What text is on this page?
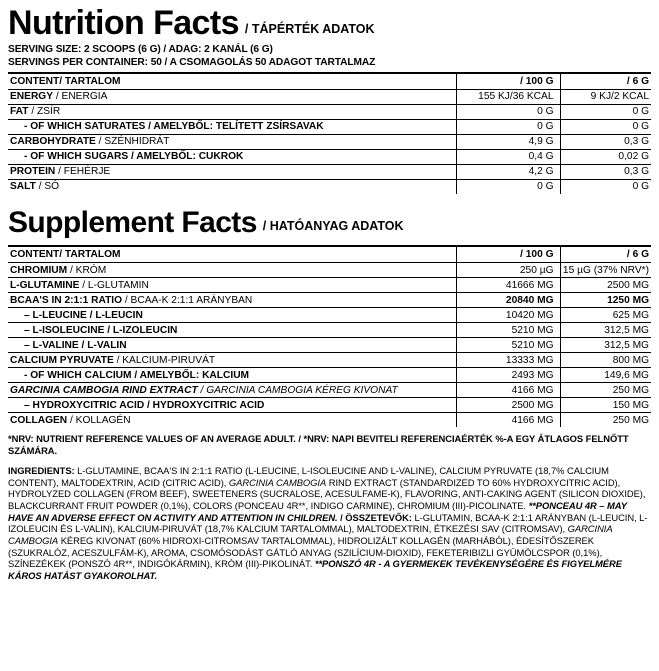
Nutrition Facts / TÁPÉRTÉK ADATOK
SERVING SIZE: 2 SCOOPS (6 G) / ADAG: 2 KANÁL (6 G)
SERVINGS PER CONTAINER: 50 / A CSOMAGOLÁS 50 ADAGOT TARTALMAZ
CONTENT/ TARTALOM	/ 100 G	/ 6 G
ENERGY / ENERGIA	155 KJ/36 KCAL	9 KJ/2 KCAL
FAT / ZSÍR	0 G	0 G
- OF WHICH SATURATES / AMELYBŐL: TELÍTETT ZSÍRSAVAK	0 G	0 G
CARBOHYDRATE / SZÉNHIDRÁT	4,9 G	0,3 G
- OF WHICH SUGARS / AMELYBŐL: CUKROK	0,4 G	0,02 G
PROTEIN / FEHÉRJE	4,2 G	0,3 G
SALT / SÓ	0 G	0 G
Supplement Facts / HATÓANYAG ADATOK
CONTENT/ TARTALOM	/ 100 G	/ 6 G
CHROMIUM / KRÓM	250 µG	15 µG (37% NRV*)
L-GLUTAMINE / L-GLUTAMIN	41666 MG	2500 MG
BCAA'S IN 2:1:1 RATIO / BCAA-K 2:1:1 ARÁNYBAN	20840 MG	1250 MG
– L-LEUCINE / L-LEUCIN	10420 MG	625 MG
– L-ISOLEUCINE / L-IZOLEUCIN	5210 MG	312,5 MG
– L-VALINE / L-VALIN	5210 MG	312,5 MG
CALCIUM PYRUVATE / KALCIUM-PIRUVÁT	13333 MG	800 MG
- OF WHICH CALCIUM / AMELYBŐL: KALCIUM	2493 MG	149,6 MG
GARCINIA CAMBOGIA RIND EXTRACT / GARCINIA CAMBOGIA KÉREG KIVONAT	4166 MG	250 MG
– HYDROXYCITRIC ACID / HYDROXYCITRIC ACID	2500 MG	150 MG
COLLAGEN / KOLLAGÉN	4166 MG	250 MG
*NRV: NUTRIENT REFERENCE VALUES OF AN AVERAGE ADULT. / *NRV: NAPI BEVITELI REFERENCIAÉRTÉK %-A EGY ÁTLAGOS FELNŐTT SZÁMÁRA.
INGREDIENTS: L-GLUTAMINE, BCAA'S IN 2:1:1 RATIO (L-LEUCINE, L-ISOLEUCINE AND L-VALINE), CALCIUM PYRUVATE (18,7% CALCIUM CONTENT), MALTODEXTRIN, ACID (CITRIC ACID), GARCINIA CAMBOGIA RIND EXTRACT (STANDARDIZED TO 60% HYDROXYCITRIC ACID), HYDROLYZED COLLAGEN (FROM BEEF), SWEETENERS (SUCRALOSE, ACESULFAME-K), FLAVORING, ANTI-CAKING AGENT (SILICON DIOXIDE), BLACKCURRANT FRUIT POWDER (0,1%), COLORS (PONCEAU 4R**, INDIGO CARMINE), CHROMIUM (III)-PICOLINATE. **PONCEAU 4R – MAY HAVE AN ADVERSE EFFECT ON ACTIVITY AND ATTENTION IN CHILDREN. / ÖSSZETEVŐK: L-GLUTAMIN, BCAA-K 2:1:1 ARÁNYBAN (L-LEUCIN, L-IZOLEUCIN ÉS L-VALIN), KALCIUM-PIRUVÁT (18,7% KALCIUM TARTALOMMAL), MALTODEXTRIN, ÉTKEZÉSI SAV (CITROMSAV), GARCINIA CAMBOGIA KÉREG KIVONAT (60% HIDROXI-CITROMSAV TARTALOMMAL), HIDROLIZÁLT KOLLAGÉN (MARHÁBÓL), ÉDESÍTŐSZEREK (SZUKRALÓZ, ACESZULFÁM-K), AROMA, CSOMÓSODÁST GÁTLÓ ANYAG (SZILÍCIUM-DIOXID), FEKETERIBIZLI GYÜMÖLCSPOR (0,1%), SZÍNEZÉKEK (PONSZÓ 4R**, INDIGÓKÁRMIN), KRÓM (III)-PIKOLINÁT. **PONSZÓ 4R - A GYERMEKEK TEVÉKENYSÉGÉRE ÉS FIGYELMÉRE KÁROS HATÁST GYAKOROLHAT.
